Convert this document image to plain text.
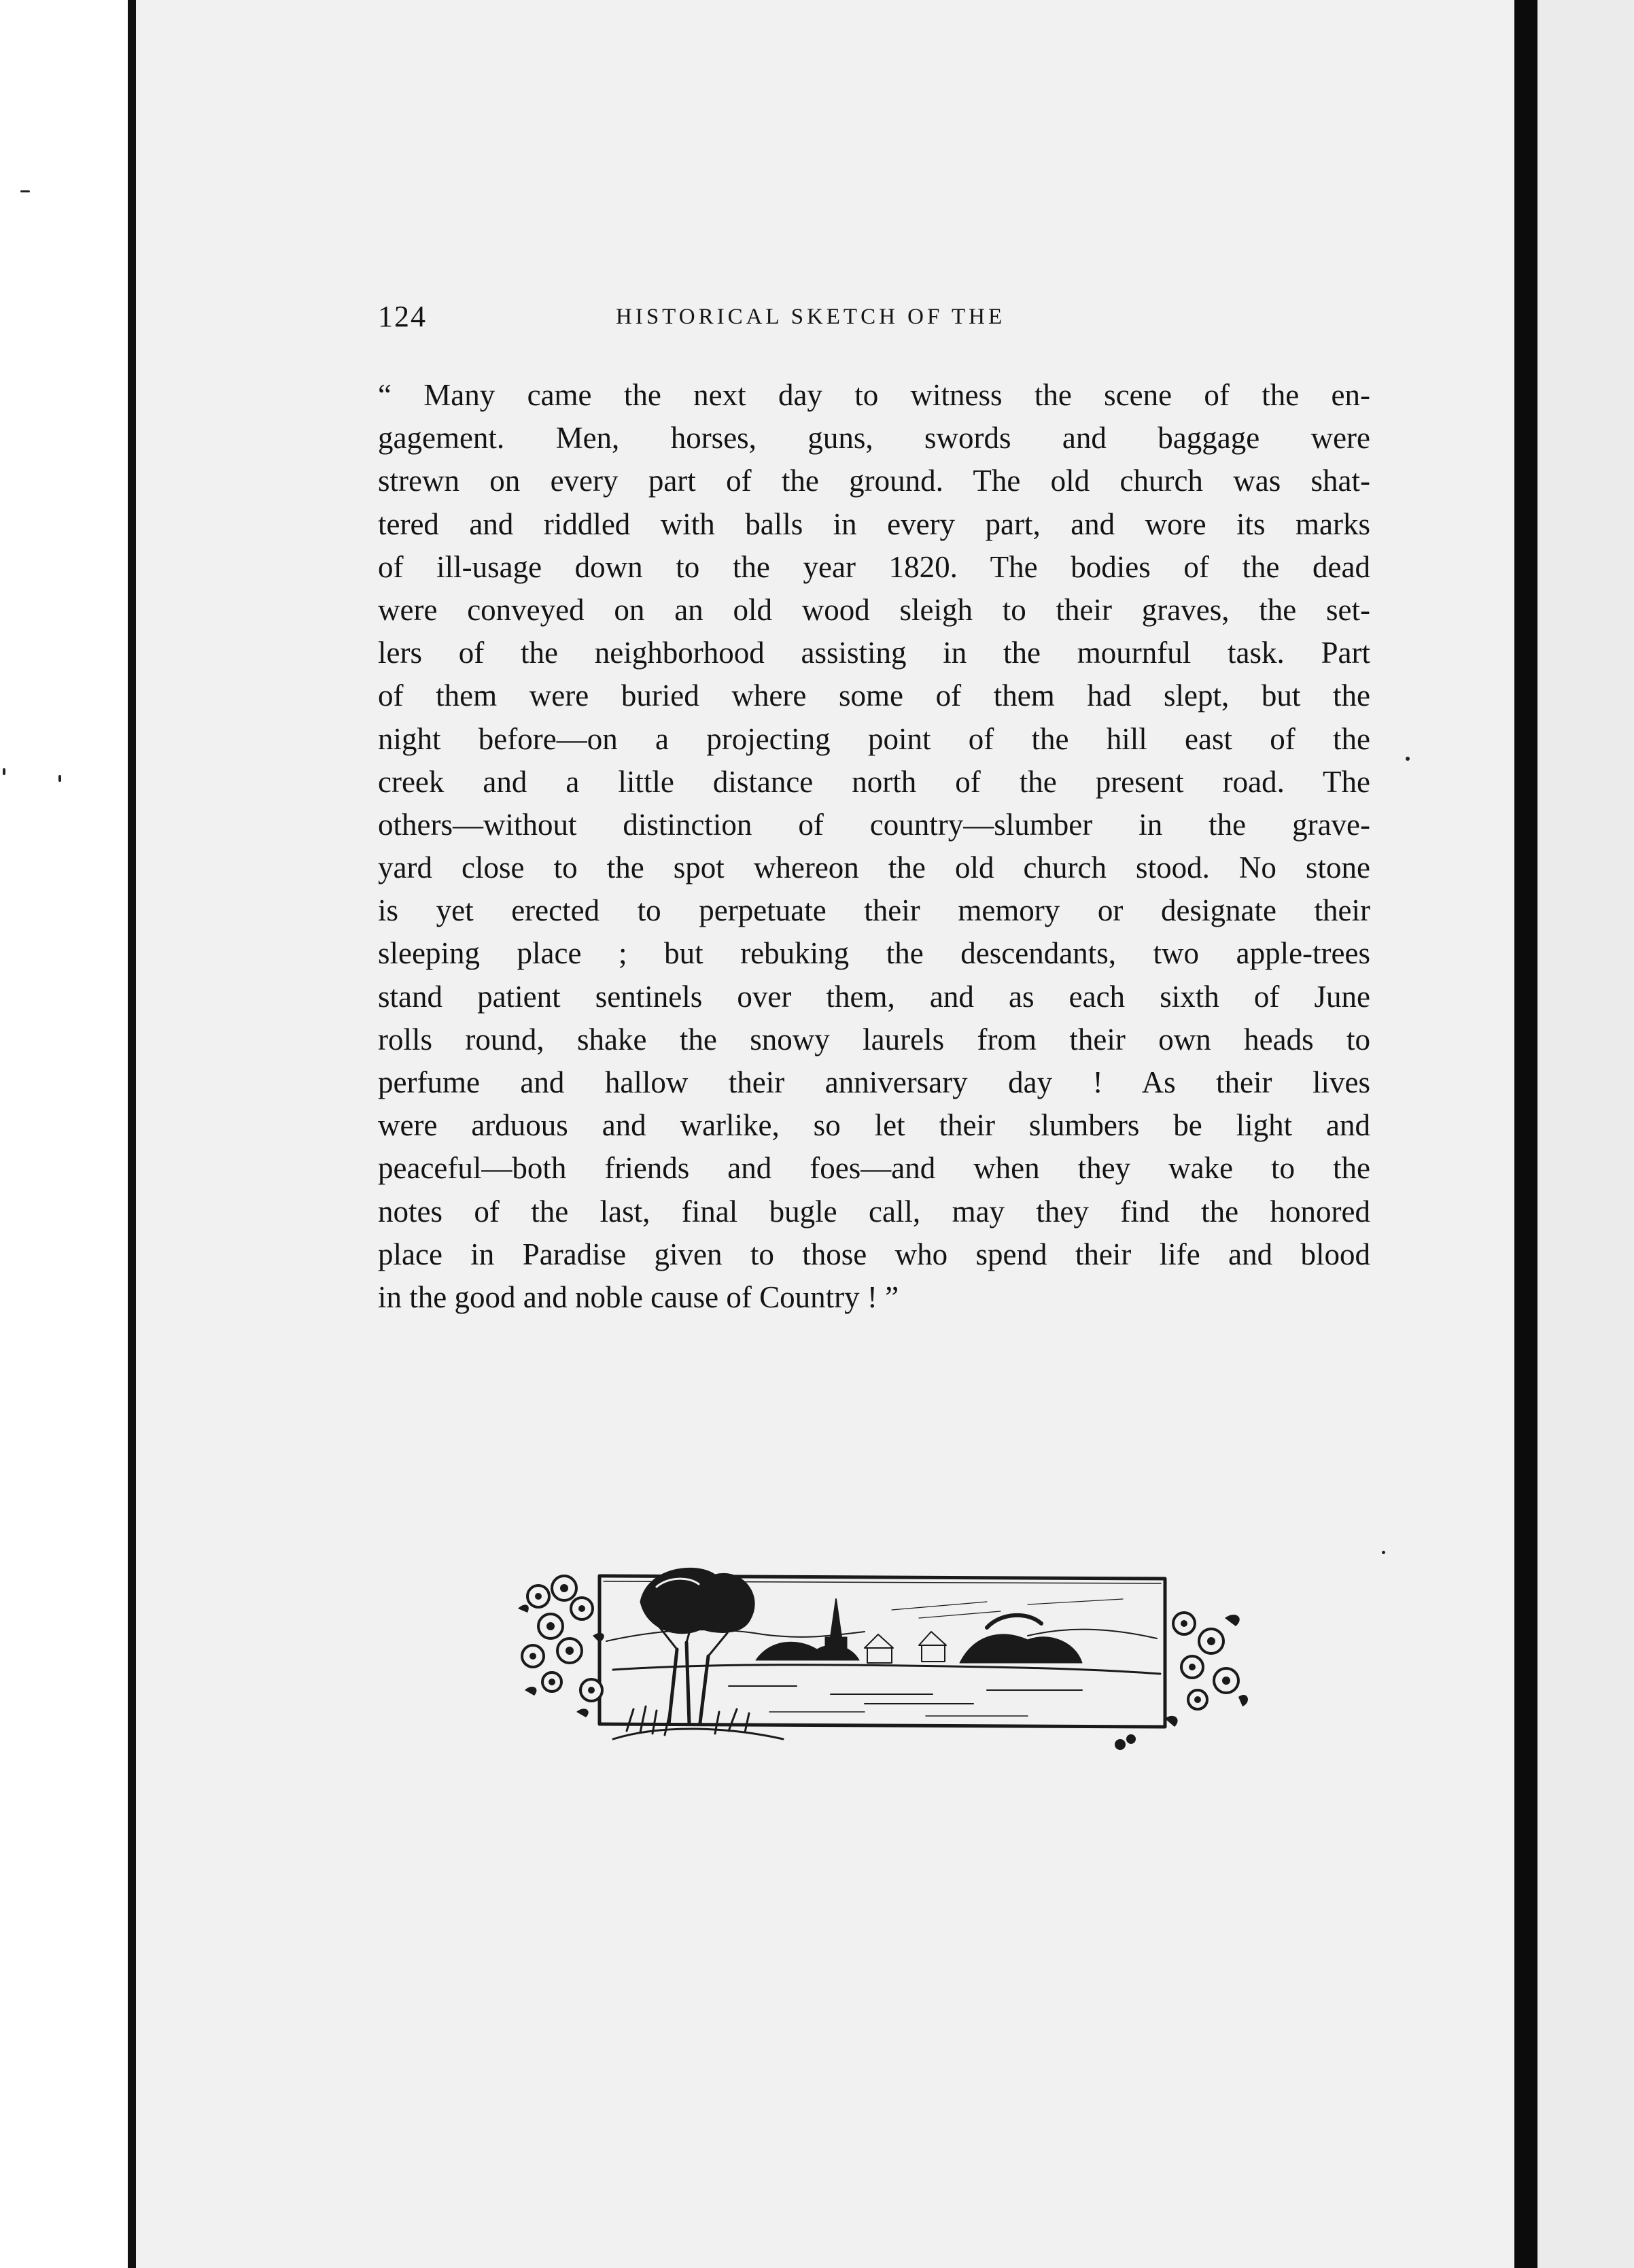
124	HISTORICAL SKETCH OF THE
“ Many came the next day to witness the scene of the en-
gagement. Men, horses, guns, swords and baggage were
strewn on every part of the ground. The old church was shat-
tered and riddled with balls in every part, and wore its marks
of ill-usage down to the year 1820. The bodies of the dead
were conveyed on an old wood sleigh to their graves, the set-
lers of the neighborhood assisting in the mournful task. Part
of them were buried where some of them had slept, but the
night before—on a projecting point of the hill east of the
creek and a little distance north of the present road. The
others—without distinction of country—slumber in the grave-
yard close to the spot whereon the old church stood. No stone
is yet erected to perpetuate their memory or designate their
sleeping place ; but rebuking the descendants, two apple-trees
stand patient sentinels over them, and as each sixth of June
rolls round, shake the snowy laurels from their own heads to
perfume and hallow their anniversary day ! As their lives
were arduous and warlike, so let their slumbers be light and
peaceful—both friends and foes—and when they wake to the
notes of the last, final bugle call, may they find the honored
place in Paradise given to those who spend their life and blood
in the good and noble cause of Country ! ”
